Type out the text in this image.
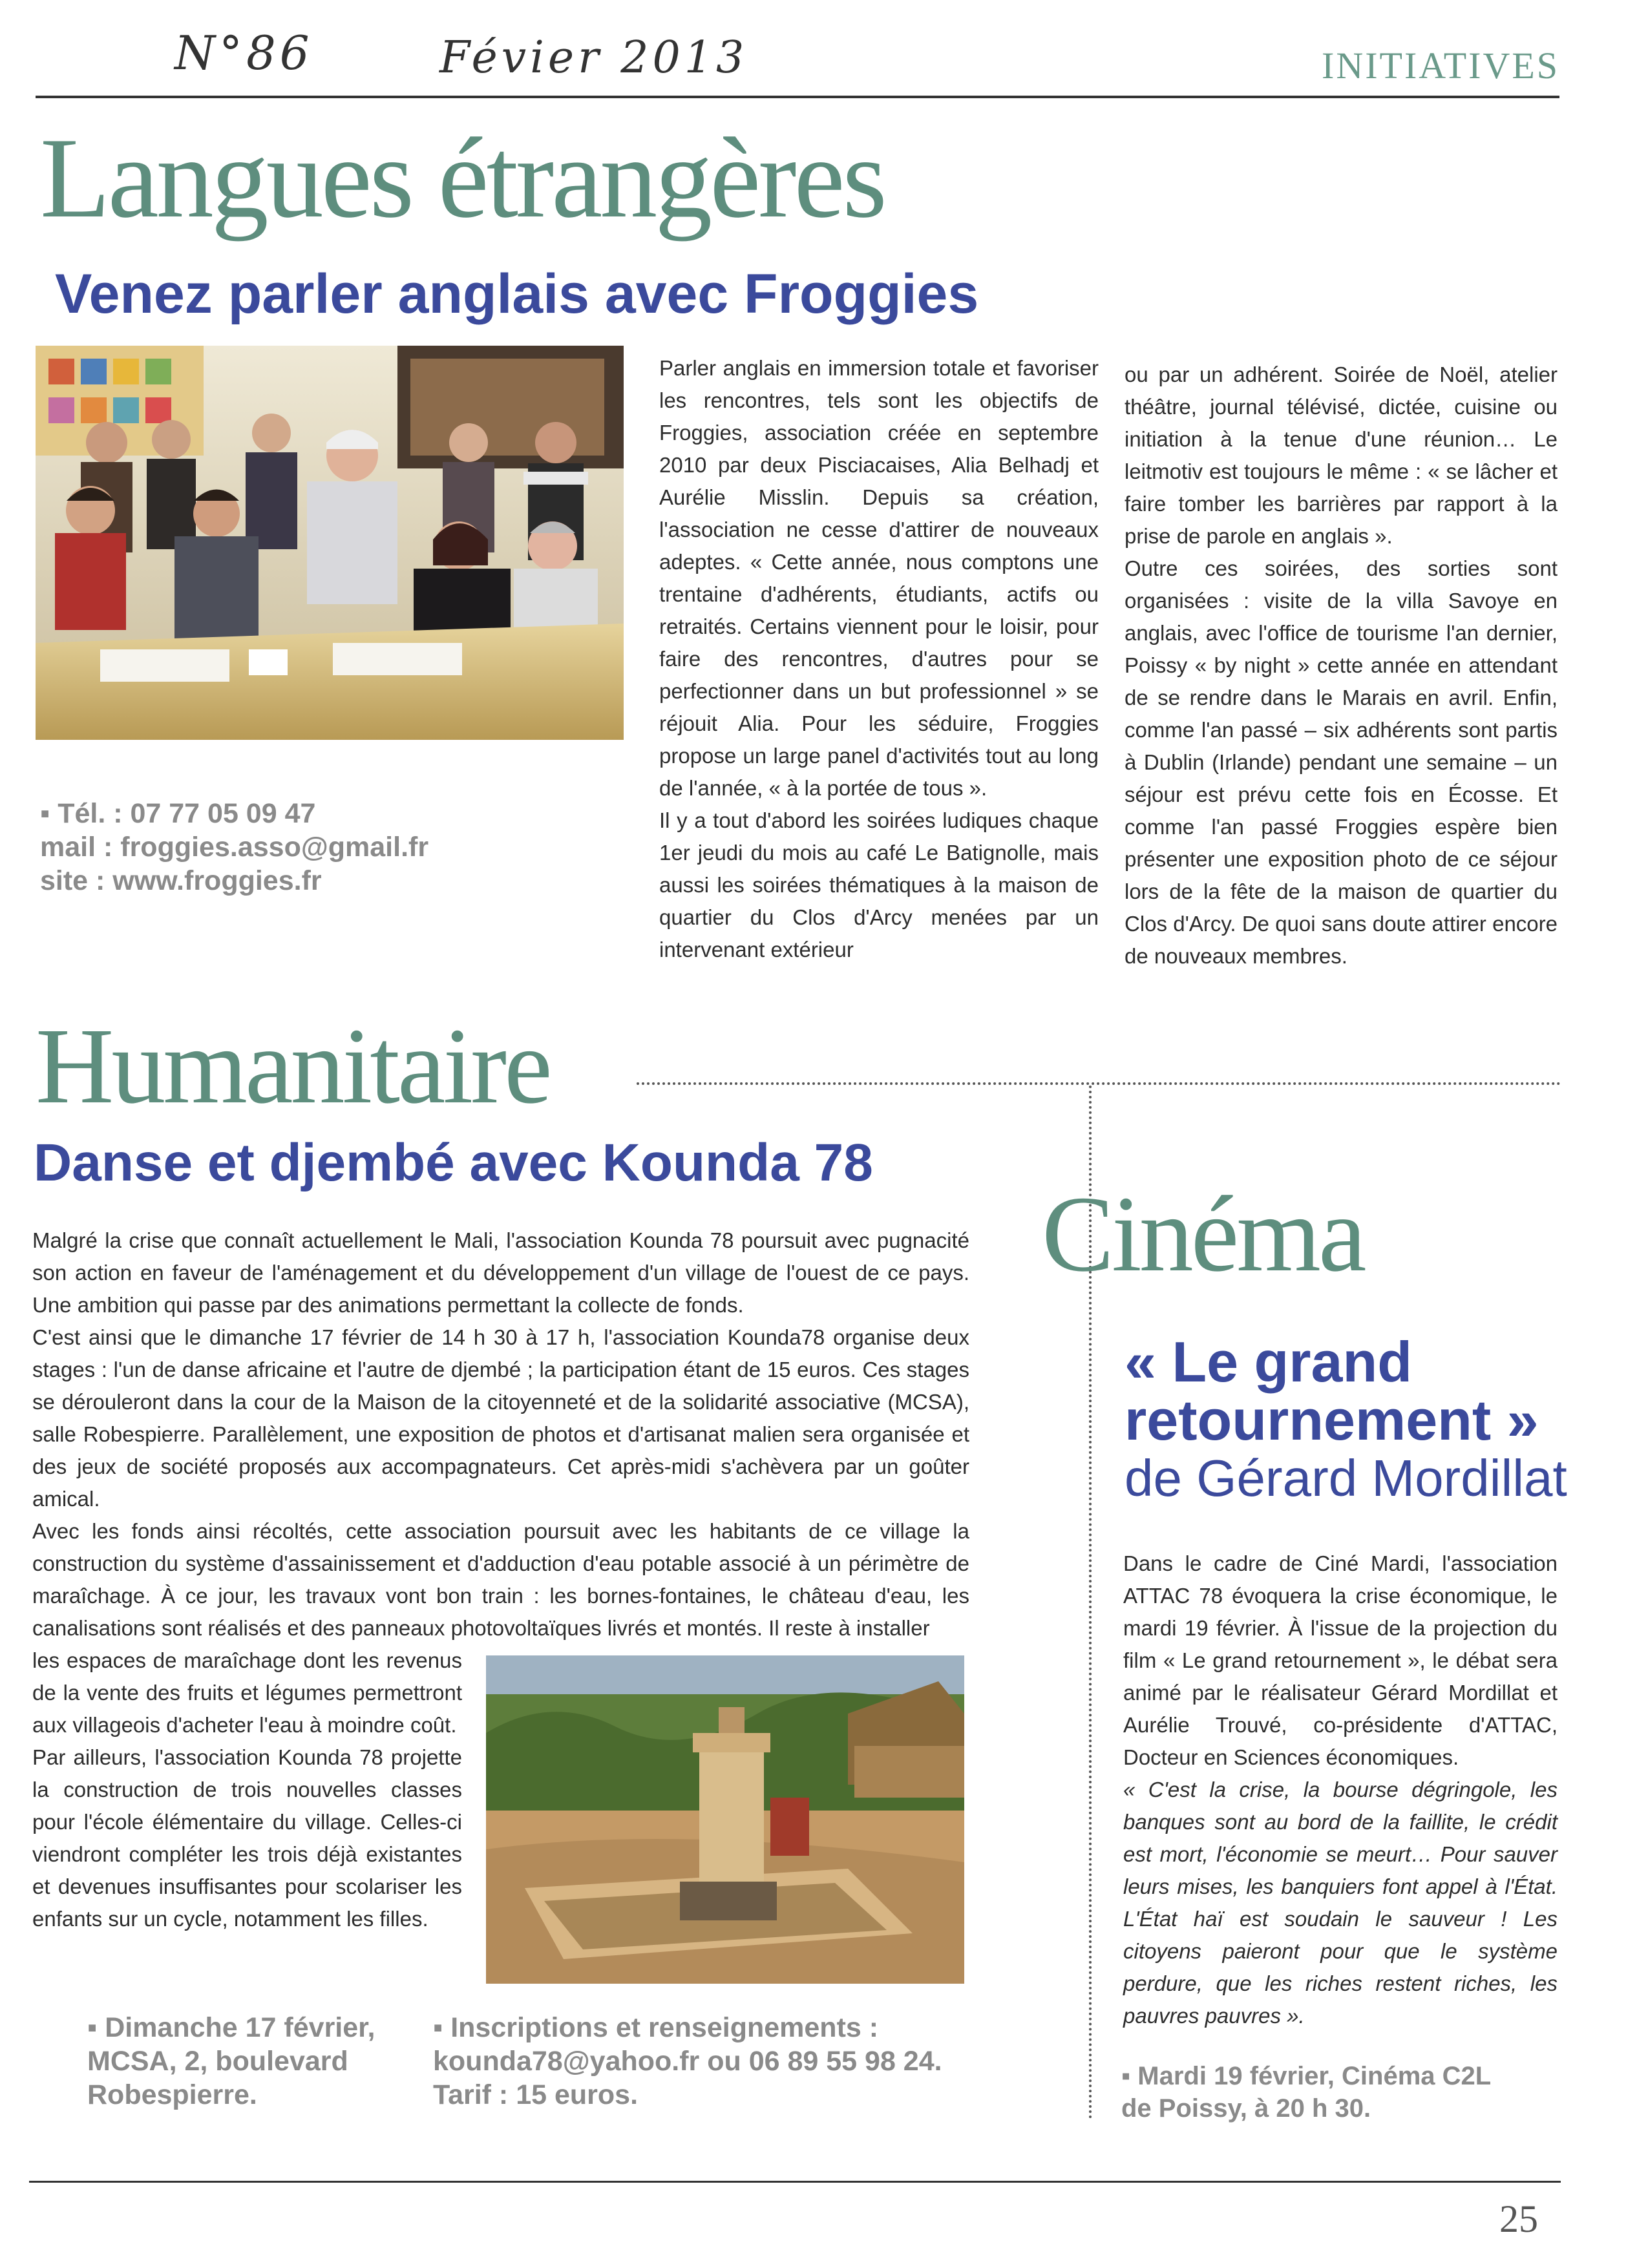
N°86	Févier 2013	INITIATIVES
Langues étrangères
Venez parler anglais avec Froggies
▪ Tél. : 07 77 05 09 47
mail : froggies.asso@gmail.fr
site : www.froggies.fr

Parler anglais en immersion totale et favoriser les rencontres, tels sont les objectifs de Froggies, association créée en septembre 2010 par deux Pisciacaises, Alia Belhadj et Aurélie Misslin. Depuis sa création, l'association ne cesse d'attirer de nouveaux adeptes. « Cette année, nous comptons une trentaine d'adhérents, étudiants, actifs ou retraités. Certains viennent pour le loisir, pour faire des rencontres, d'autres pour se perfectionner dans un but professionnel » se réjouit Alia. Pour les séduire, Froggies propose un large panel d'activités tout au long de l'année, « à la portée de tous ».

Il y a tout d'abord les soirées ludiques chaque 1er jeudi du mois au café Le Batignolle, mais aussi les soirées thématiques à la maison de quartier du Clos d'Arcy menées par un intervenant extérieur

ou par un adhérent. Soirée de Noël, atelier théâtre, journal télévisé, dictée, cuisine ou initiation à la tenue d'une réunion… Le leitmotiv est toujours le même : « se lâcher et faire tomber les barrières par rapport à la prise de parole en anglais ».

Outre ces soirées, des sorties sont organisées : visite de la villa Savoye en anglais, avec l'office de tourisme l'an dernier, Poissy « by night » cette année en attendant de se rendre dans le Marais en avril. Enfin, comme l'an passé – six adhérents sont partis à Dublin (Irlande) pendant une semaine – un séjour est prévu cette fois en Écosse. Et comme l'an passé Froggies espère bien présenter une exposition photo de ce séjour lors de la fête de la maison de quartier du Clos d'Arcy. De quoi sans doute attirer encore de nouveaux membres.

Humanitaire
Danse et djembé avec Kounda 78

Malgré la crise que connaît actuellement le Mali, l'association Kounda 78 poursuit avec pugnacité son action en faveur de l'aménagement et du développement d'un village de l'ouest de ce pays. Une ambition qui passe par des animations permettant la collecte de fonds.

C'est ainsi que le dimanche 17 février de 14 h 30 à 17 h, l'association Kounda78 organise deux stages : l'un de danse africaine et l'autre de djembé ; la participation étant de 15 euros. Ces stages se dérouleront dans la cour de la Maison de la citoyenneté et de la solidarité associative (MCSA), salle Robespierre. Parallèlement, une exposition de photos et d'artisanat malien sera organisée et des jeux de société proposés aux accompagnateurs. Cet après-midi s'achèvera par un goûter amical.

Avec les fonds ainsi récoltés, cette association poursuit avec les habitants de ce village la construction du système d'assainissement et d'adduction d'eau potable associé à un périmètre de maraîchage. À ce jour, les travaux vont bon train : les bornes-fontaines, le château d'eau, les canalisations sont réalisés et des panneaux photovoltaïques livrés et montés. Il reste à installer

les espaces de maraîchage dont les revenus de la vente des fruits et légumes permettront aux villageois d'acheter l'eau à moindre coût.

Par ailleurs, l'association Kounda 78 projette la construction de trois nouvelles classes pour l'école élémentaire du village. Celles-ci viendront compléter les trois déjà existantes et devenues insuffisantes pour scolariser les enfants sur un cycle, notamment les filles.

▪ Dimanche 17 février,
MCSA, 2, boulevard
Robespierre.
▪ Inscriptions et renseignements :
kounda78@yahoo.fr ou 06 89 55 98 24.
Tarif : 15 euros.
Cinéma
« Le grand
retournement »
de Gérard Mordillat

Dans le cadre de Ciné Mardi, l'association ATTAC 78 évoquera la crise économique, le mardi 19 février. À l'issue de la projection du film « Le grand retournement », le débat sera animé par le réalisateur Gérard Mordillat et Aurélie Trouvé, co-présidente d'ATTAC, Docteur en Sciences économiques.

« C'est la crise, la bourse dégringole, les banques sont au bord de la faillite, le crédit est mort, l'économie se meurt… Pour sauver leurs mises, les banquiers font appel à l'État. L'État haï est soudain le sauveur ! Les citoyens paieront pour que le système perdure, que les riches restent riches, les pauvres pauvres ».

▪ Mardi 19 février, Cinéma C2L
de Poissy, à 20 h 30.
25
